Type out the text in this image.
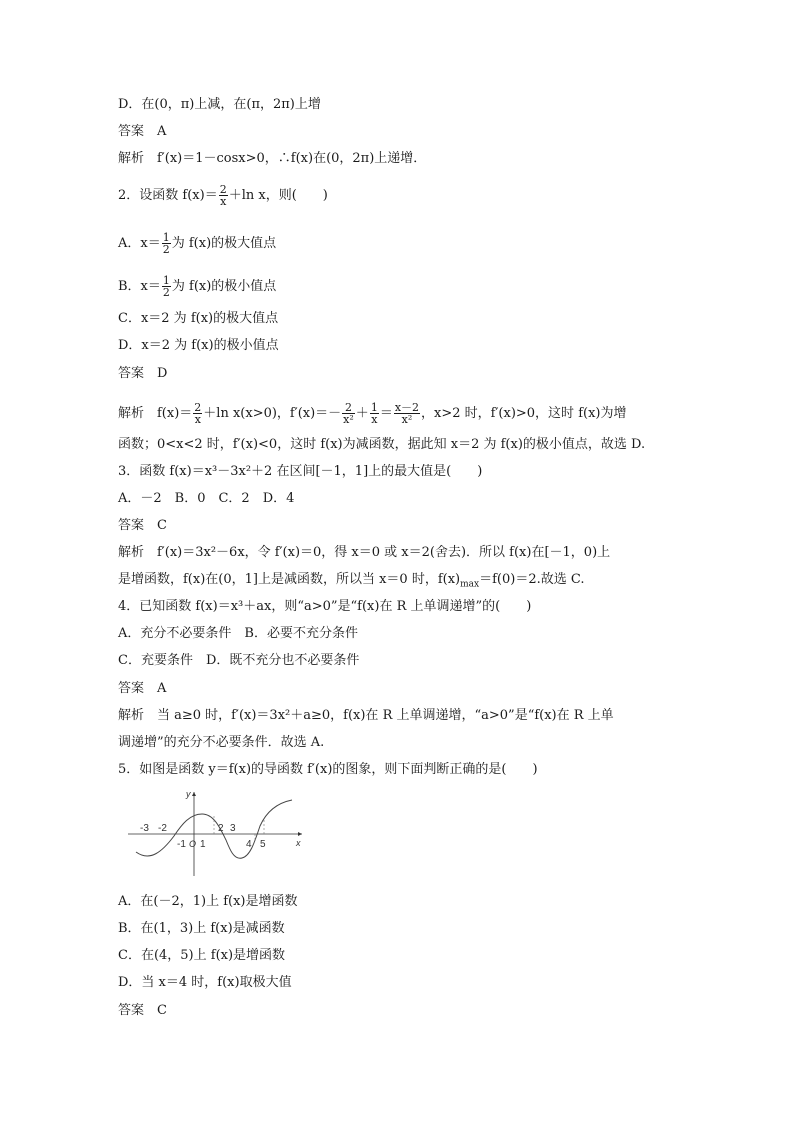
D．在(0，π)上减，在(π，2π)上增
答案　A
解析　f′(x)＝1－cosx>0，∴f(x)在(0，2π)上递增．
2．设函数 $f(x)= \frac{2}{x} +\ln$ x，则(　　)
A．$x= \frac{1}{2}$ 为 f(x)的极大值点
B．$x= \frac{1}{2}$ 为 f(x)的极小值点
C．x＝2 为 f(x)的极大值点
D．x＝2 为 f(x)的极小值点
答案　D
解析　$f(x)= \frac{2}{x} +\ln$ x(x>0)，$f'(x)=- \frac{2}{\text{x²}} + \frac{1}{x} = \frac{x-2}{\text{x²}}$ ，x>2 时，f′(x)>0，这时 f(x)为增
函数；0<x<2 时，f′(x)<0，这时 f(x)为减函数，据此知 x＝2 为 f(x)的极小值点，故选 D.
3．函数 f(x)＝x³－3x²＋2 在区间[－1，1]上的最大值是(　　)
A．－2　B．0　C．2　D．4
答案　C
解析　f′(x)＝3x²－6x，令 f′(x)＝0，得 x＝0 或 x＝2(舍去)．所以 f(x)在[－1，0)上
是增函数，f(x)在(0，1]上是减函数，所以当 x＝0 时，$f(x)_{max}=f(0)=2$.故选 C.
4．已知函数 f(x)＝x³＋ax，则“a>0”是“f(x)在 R 上单调递增”的(　　)
A．充分不必要条件　B．必要不充分条件
C．充要条件　D．既不充分也不必要条件
答案　A
解析　当 a≥0 时，f′(x)＝3x²＋a≥0，f(x)在 R 上单调递增，“a>0”是“f(x)在 R 上单
调递增”的充分不必要条件．故选 A.
5．如图是函数 y＝f(x)的导函数 f′(x)的图象，则下面判断正确的是(　　)
y
x
-3 -2
-1 O 1
2 3
4 5
A．在(－2，1)上 f(x)是增函数
B．在(1，3)上 f(x)是减函数
C．在(4，5)上 f(x)是增函数
D．当 x＝4 时，f(x)取极大值
答案　C
